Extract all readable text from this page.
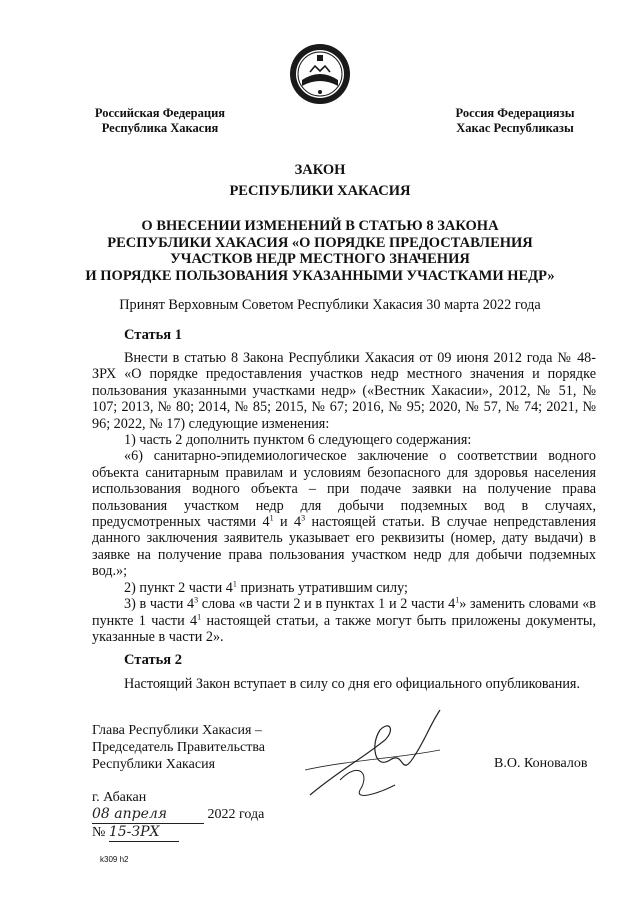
Российская Федерация
Республика Хакасия
Россия Федерациязы
Хакас Республиказы
ЗАКОН
РЕСПУБЛИКИ ХАКАСИЯ
О ВНЕСЕНИИ ИЗМЕНЕНИЙ В СТАТЬЮ 8 ЗАКОНА
РЕСПУБЛИКИ ХАКАСИЯ «О ПОРЯДКЕ ПРЕДОСТАВЛЕНИЯ
УЧАСТКОВ НЕДР МЕСТНОГО ЗНАЧЕНИЯ
И ПОРЯДКЕ ПОЛЬЗОВАНИЯ УКАЗАННЫМИ УЧАСТКАМИ НЕДР»
Принят Верховным Советом Республики Хакасия 30 марта 2022 года
Статья 1

Внести в статью 8 Закона Республики Хакасия от 09 июня 2012 года № 48-ЗРХ «О порядке предоставления участков недр местного значения и порядке пользования указанными участками недр» («Вестник Хакасии», 2012, № 51, № 107; 2013, № 80; 2014, № 85; 2015, № 67; 2016, № 95; 2020, № 57, № 74; 2021, № 96; 2022, № 17) следующие изменения:

1) часть 2 дополнить пунктом 6 следующего содержания:

«6) санитарно-эпидемиологическое заключение о соответствии водного объекта санитарным правилам и условиям безопасного для здоровья населения использования водного объекта – при подаче заявки на получение права пользования участком недр для добычи подземных вод в случаях, предусмотренных частями $4^1$ и $4^3$ настоящей статьи. В случае непредставления данного заключения заявитель указывает его реквизиты (номер, дату выдачи) в заявке на получение права пользования участком недр для добычи подземных вод.»;

2) пункт 2 части $4^1$ признать утратившим силу;

3) в части $4^3$ слова «в части 2 и в пунктах 1 и 2 части $4^1$» заменить словами «в пункте 1 части $4^1$ настоящей статьи, а также могут быть приложены документы, указанные в части 2».

Статья 2

Настоящий Закон вступает в силу со дня его официального опубликования.

Глава Республики Хакасия –
Председатель Правительства
Республики Хакасия	В.О. Коновалов
г. Абакан
08 апреля	2022 года
№ 15-ЗРХ
k309 h2
